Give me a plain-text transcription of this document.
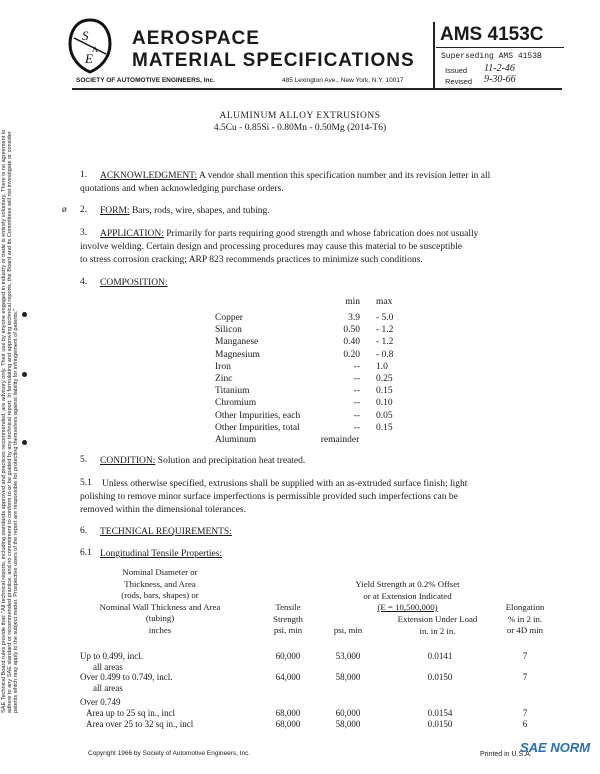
S
A
E
AEROSPACE
MATERIAL SPECIFICATIONS
SOCIETY OF AUTOMOTIVE ENGINEERS, Inc.	485 Lexington Ave., New York, N.Y. 10017
AMS 4153C
Superseding AMS 4153B
Issued 11-2-46
Revised 9-30-66
SAE Technical Board rules provide that: "All technical reports, including standards approved and practices recommended, are advisory only. Their use by anyone engaged in industry or trade is entirely voluntary. There is no agreement to adhere to any SAE standard or recommended practice, and no commitment to conform to or be guided by any technical report. In formulating and approving technical reports, the Board and its Committees will not investigate or consider patents which may apply to the subject matter. Prospective users of the report are responsible for protecting themselves against liability for infringement of patents."
ALUMINUM ALLOY EXTRUSIONS
4.5Cu - 0.85Si - 0.80Mn - 0.50Mg (2014-T6)
1. ACKNOWLEDGMENT: A vendor shall mention this specification number and its revision letter in all
quotations and when acknowledging purchase orders.
ø 2. FORM: Bars, rods, wire, shapes, and tubing.
3. APPLICATION: Primarily for parts requiring good strength and whose fabrication does not usually
involve welding. Certain design and processing procedures may cause this material to be susceptible
to stress corrosion cracking; ARP 823 recommends practices to minimize such conditions.
4. COMPOSITION:
min max
Copper	3.9 - 5.0
Silicon	0.50 - 1.2
Manganese	0.40 - 1.2
Magnesium	0.20 - 0.8
Iron	-- 1.0
Zinc	-- 0.25
Titanium	-- 0.15
Chromium	-- 0.10
Other Impurities, each	-- 0.05
Other Impurities, total	-- 0.15
Aluminum	remainder
5. CONDITION: Solution and precipitation heat treated.
5.1 Unless otherwise specified, extrusions shall be supplied with an as-extruded surface finish; light
polishing to remove minor surface imperfections is permissible provided such imperfections can be
removed within the dimensional tolerances.
6. TECHNICAL REQUIREMENTS:
6.1 Longitudinal Tensile Properties:
Nominal Diameter or
Thickness, and Area
(rods, bars, shapes) or
Nominal Wall Thickness and Area
(tubing)
inches
Tensile
Strength
psi, min
Yield Strength at 0.2% Offset
or at Extension Indicated
(E = 10,500,000)
psi, min
Extension Under Load
in. in 2 in.
Elongation
% in 2 in.
or 4D min
Up to 0.499, incl.
all areas
60,000	53,000	0.0141	7
Over 0.499 to 0.749, incl.
all areas
64,000	58,000	0.0150	7
Over 0.749
Area up to 25 sq in., incl	68,000	60,000	0.0154	7
Area over 25 to 32 sq in., incl	68,000	58,000	0.0150	6
Copyright 1966 by Society of Automotive Engineers, Inc.	Printed in U.S.A.
SAE NORM
